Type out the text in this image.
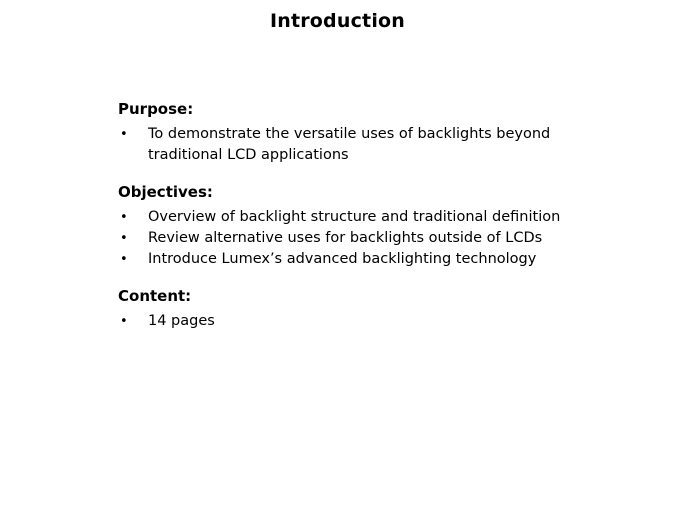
Introduction
Purpose:
• To demonstrate the versatile uses of backlights beyond traditional LCD applications
Objectives:
• Overview of backlight structure and traditional definition
• Review alternative uses for backlights outside of LCDs
• Introduce Lumex’s advanced backlighting technology
Content:
• 14 pages
